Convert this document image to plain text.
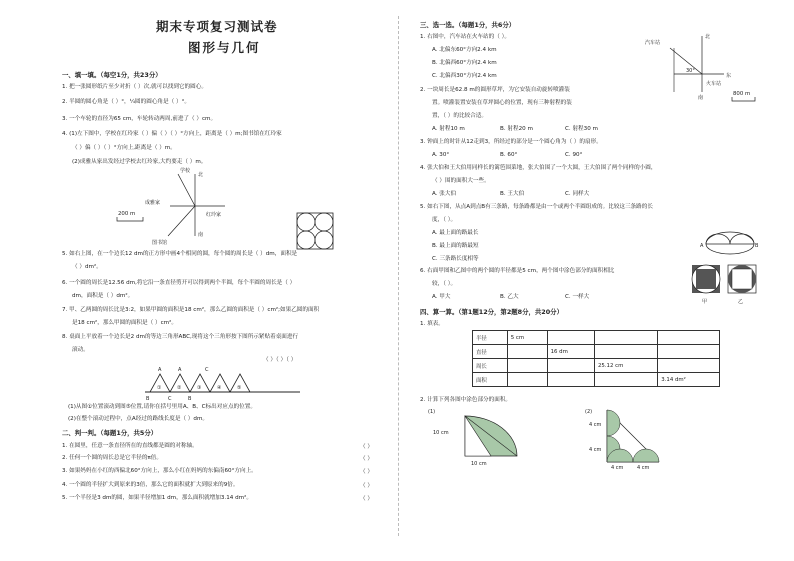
期末专项复习测试卷
图形与几何
一、填一填。（每空1分，共23分）
1. 把一张圆形纸片至少对折（ ）次,就可以找到它的圆心。
2. 半圆的圆心角是（ ）°，¼圆的圆心角是（ ）°。
3. 一个车轮的直径为65 cm，车轮转动两周,前进了（ ）cm。
4. (1)左下图中，学校在红玲家（ ）偏（ ）（ ）°方向上，距离是（ ）m;图书馆在红玲家
（ ）偏（ ）（ ）°方向上,距离是（ ）m。
(2)成雅从家出发经过学校去红玲家,大约要走（ ）m。
学校
北
成雅家
红玲家
图书馆
南
200 m
5. 如右上图，在一个边长12 dm的正方形中画4个相同的圆，每个圆的周长是（ ）dm，面积是
（ ）dm²。
6. 一个圆的周长是12.56 dm,将它沿一条直径剪开可以得到两个半圆，每个半圆的周长是（ ）
dm，面积是（ ）dm²。
7. 甲、乙两圆的周长比是3:2，如果甲圆的面积是18 cm²，那么乙圆的面积是（ ）cm²;如果乙圆的面积
是18 cm²，那么甲圆的面积是（ ）cm²。
8. 桌面上平放着一个边长是2 dm的等边三角形ABC,现将这个三角形按下图所示紧贴着桌面进行
滚动。
（ ）（ ）（ ）
A	A
B	C	B
C
①	②	③	④	⑤
(1)从图①位置滚动到图⑤位置,请你在括号里用A、B、C标出对应点的位置。
(2)在整个滚动过程中，点A经过的路线长度是（ ）dm。
二、判一判。（每题1分，共5分）
1. 在圆里，任意一条直径所在的直线都是圆的对称轴。
2. 任何一个圆的周长总是它半径的π倍。
3. 如果妈妈在小红的西偏北60°方向上，那么小红在妈妈的东偏南60°方向上。
4. 一个圆的半径扩大到原来的3倍，那么它的面积就扩大到原来的9倍。
5. 一个半径是3 dm的圆，如果半径增加1 dm，那么面积就增加3.14 dm²。
（ ）
（ ）
（ ）
（ ）
（ ）
三、选一选。（每题1分，共6分）
1. 右图中，汽车站在火车站的（ ）。
A. 北偏东60°方向2.4 km
B. 北偏西60°方向2.4 km
C. 北偏西30°方向2.4 km
汽车站
北
东
火车站
南
30°
800 m
2. 一块周长是62.8 m的圆形草坪，为它安装自动旋转喷灌装
置。喷灌装置安装在草坪圆心的位置，现有三种射程的装
置，（ ）的比较合适。
A. 射程10 m	B. 射程20 m	C. 射程30 m
3. 钟面上的时针从12走到3，所经过的部分是一个圆心角为（ ）的扇形。
A. 30°	B. 60°	C. 90°
4. 张大伯和王大伯用同样长的篱笆围菜地，张大伯围了一个大圆，王大伯围了两个同样的小圆，
（ ）围的面积大一些。
A. 张大伯	B. 王大伯	C. 同样大
5. 如右下图，从点A到点B有三条路，每条路都是由一个或两个半圆组成的。比较这三条路的长
度，（ ）。
A. 最上面的路最长
B. 最上面的路最短
C. 三条路长度相等
A	B
6. 右面甲图和乙图中的两个圆的半径都是5 cm，两个图中涂色部分的面积相比
较，（ ）。
A. 甲大	B. 乙大	C. 一样大
甲	乙
四、算一算。（第1题12分，第2题8分，共20分）
1. 填表。
半径	5 cm			
直径		16 dm		
周长			25.12 cm	
面积				3.14 dm²
2. 计算下列各图中涂色部分的面积。
(1)
10 cm
10 cm
(2)
4 cm
4 cm
4 cm	4 cm
